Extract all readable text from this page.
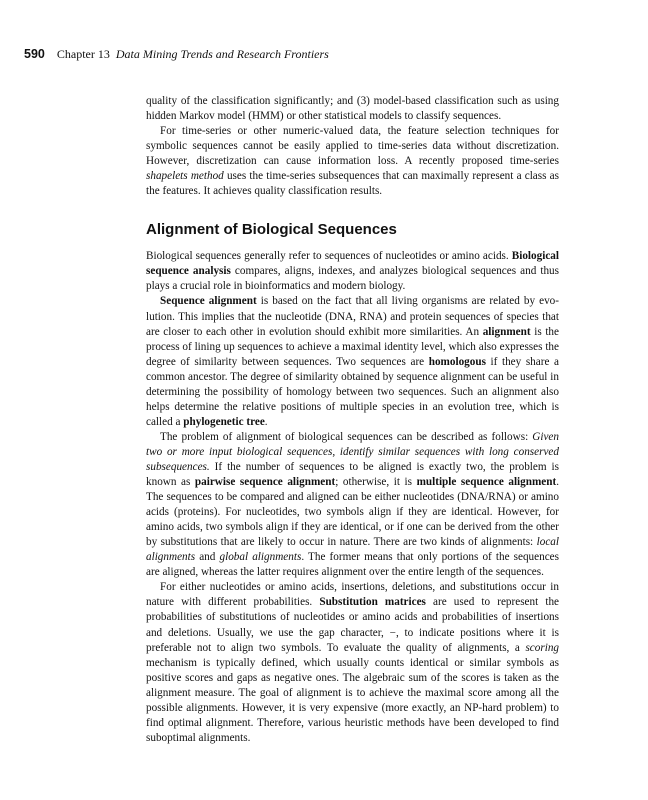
590 Chapter 13 Data Mining Trends and Research Frontiers

quality of the classification significantly; and (3) model-based classification such as using hidden Markov model (HMM) or other statistical models to classify sequences.

For time-series or other numeric-valued data, the feature selection techniques for symbolic sequences cannot be easily applied to time-series data without discretization. However, discretization can cause information loss. A recently proposed time-series shapelets method uses the time-series subsequences that can maximally represent a class as the features. It achieves quality classification results.

Alignment of Biological Sequences

Biological sequences generally refer to sequences of nucleotides or amino acids. Biological sequence analysis compares, aligns, indexes, and analyzes biological sequences and thus plays a crucial role in bioinformatics and modern biology.

Sequence alignment is based on the fact that all living organisms are related by evolution. This implies that the nucleotide (DNA, RNA) and protein sequences of species that are closer to each other in evolution should exhibit more similarities. An alignment is the process of lining up sequences to achieve a maximal identity level, which also expresses the degree of similarity between sequences. Two sequences are homologous if they share a common ancestor. The degree of similarity obtained by sequence alignment can be useful in determining the possibility of homology between two sequences. Such an alignment also helps determine the relative positions of multiple species in an evolution tree, which is called a phylogenetic tree.

The problem of alignment of biological sequences can be described as follows: Given two or more input biological sequences, identify similar sequences with long conserved subsequences. If the number of sequences to be aligned is exactly two, the problem is known as pairwise sequence alignment; otherwise, it is multiple sequence alignment. The sequences to be compared and aligned can be either nucleotides (DNA/RNA) or amino acids (proteins). For nucleotides, two symbols align if they are identical. However, for amino acids, two symbols align if they are identical, or if one can be derived from the other by substitutions that are likely to occur in nature. There are two kinds of alignments: local alignments and global alignments. The former means that only portions of the sequences are aligned, whereas the latter requires alignment over the entire length of the sequences.

For either nucleotides or amino acids, insertions, deletions, and substitutions occur in nature with different probabilities. Substitution matrices are used to represent the probabilities of substitutions of nucleotides or amino acids and probabilities of insertions and deletions. Usually, we use the gap character, −, to indicate positions where it is preferable not to align two symbols. To evaluate the quality of alignments, a scoring mechanism is typically defined, which usually counts identical or similar symbols as positive scores and gaps as negative ones. The algebraic sum of the scores is taken as the alignment measure. The goal of alignment is to achieve the maximal score among all the possible alignments. However, it is very expensive (more exactly, an NP-hard problem) to find optimal alignment. Therefore, various heuristic methods have been developed to find suboptimal alignments.
